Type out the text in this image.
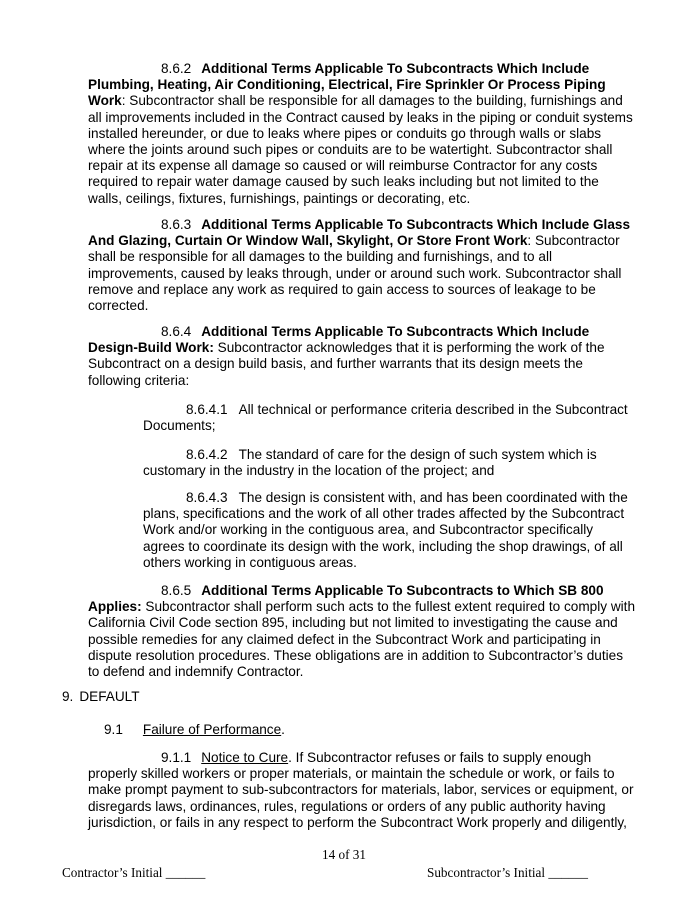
8.6.2 Additional Terms Applicable To Subcontracts Which Include Plumbing, Heating, Air Conditioning, Electrical, Fire Sprinkler Or Process Piping Work: Subcontractor shall be responsible for all damages to the building, furnishings and all improvements included in the Contract caused by leaks in the piping or conduit systems installed hereunder, or due to leaks where pipes or conduits go through walls or slabs where the joints around such pipes or conduits are to be watertight. Subcontractor shall repair at its expense all damage so caused or will reimburse Contractor for any costs required to repair water damage caused by such leaks including but not limited to the walls, ceilings, fixtures, furnishings, paintings or decorating, etc.

8.6.3 Additional Terms Applicable To Subcontracts Which Include Glass And Glazing, Curtain Or Window Wall, Skylight, Or Store Front Work: Subcontractor shall be responsible for all damages to the building and furnishings, and to all improvements, caused by leaks through, under or around such work. Subcontractor shall remove and replace any work as required to gain access to sources of leakage to be corrected.

8.6.4 Additional Terms Applicable To Subcontracts Which Include Design-Build Work: Subcontractor acknowledges that it is performing the work of the Subcontract on a design build basis, and further warrants that its design meets the following criteria:

8.6.4.1 All technical or performance criteria described in the Subcontract Documents;

8.6.4.2 The standard of care for the design of such system which is customary in the industry in the location of the project; and

8.6.4.3 The design is consistent with, and has been coordinated with the plans, specifications and the work of all other trades affected by the Subcontract Work and/or working in the contiguous area, and Subcontractor specifically agrees to coordinate its design with the work, including the shop drawings, of all others working in contiguous areas.

8.6.5 Additional Terms Applicable To Subcontracts to Which SB 800 Applies: Subcontractor shall perform such acts to the fullest extent required to comply with California Civil Code section 895, including but not limited to investigating the cause and possible remedies for any claimed defect in the Subcontract Work and participating in dispute resolution procedures. These obligations are in addition to Subcontractor’s duties to defend and indemnify Contractor.

9. DEFAULT

9.1 Failure of Performance.

9.1.1 Notice to Cure. If Subcontractor refuses or fails to supply enough properly skilled workers or proper materials, or maintain the schedule or work, or fails to make prompt payment to sub-subcontractors for materials, labor, services or equipment, or disregards laws, ordinances, rules, regulations or orders of any public authority having jurisdiction, or fails in any respect to perform the Subcontract Work properly and diligently,

14 of 31
Contractor’s Initial ______	Subcontractor’s Initial ______
